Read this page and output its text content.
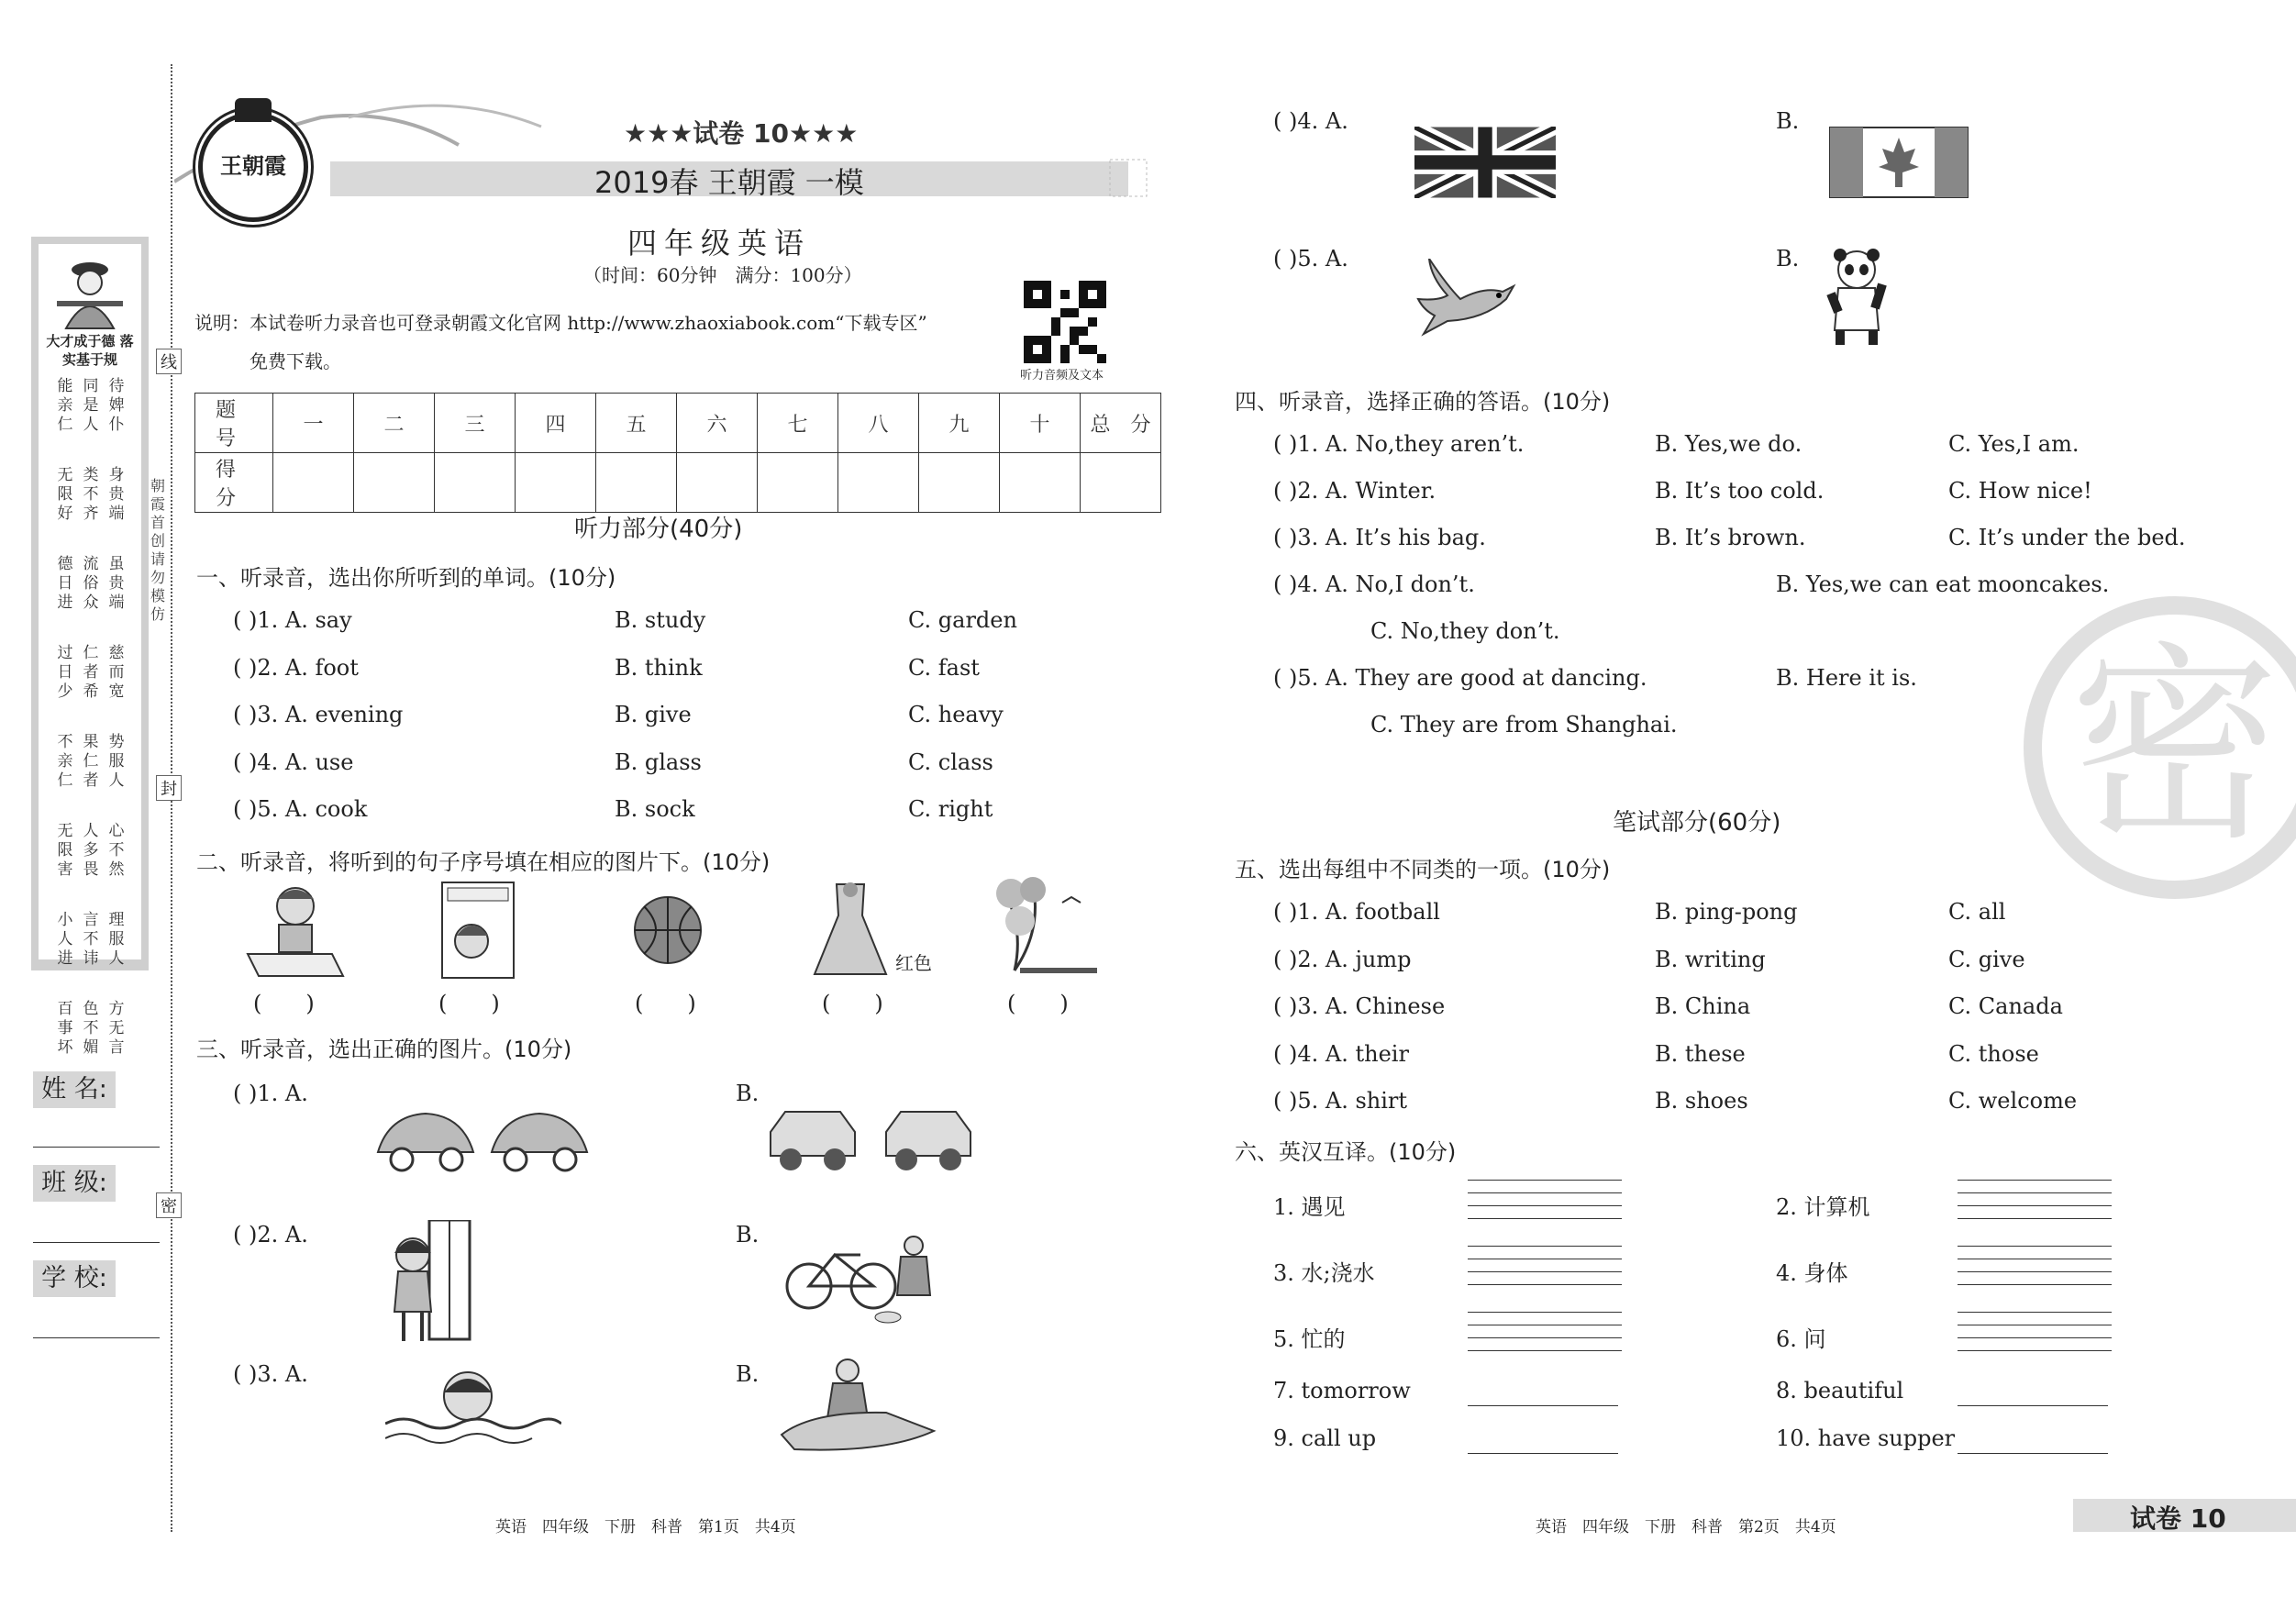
线
朝霞首创 请勿模仿
封
密
大才成于德 落实基于规
能亲仁
同是人
待婢仆
无限好
类不齐
身贵端
德日进
流俗众
虽贵端
过日少
仁者希
慈而宽
不亲仁
果仁者
势服人
无限害
人多畏
心不然
小人进
言不讳
理服人
百事坏
色不媚
方无言
姓 名:
班 级:
学 校:
王朝霞
★★★试卷 10★★★
2019春 王朝霞 一模
四年级英语
（时间：60分钟　满分：100分）
说明：本试卷听力录音也可登录朝霞文化官网 http://www.zhaoxiabook.com“下载专区”
免费下载。
听力音频及文本
题　号	一	二	三	四	五	六	七	八	九	十	总　分
得　分											
听力部分(40分)
一、听录音，选出你所听到的单词。(10分)
( )1. A. say	B. study	C. garden
( )2. A. foot	B. think	C. fast
( )3. A. evening	B. give	C. heavy
( )4. A. use	B. glass	C. class
( )5. A. cook	B. sock	C. right
二、听录音，将听到的句子序号填在相应的图片下。(10分)
红色
(　　)	(　　)	(　　)	(　　)	(　　)
三、听录音，选出正确的图片。(10分)
( )1. A.
( )2. A.
( )3. A.
B.
B.
B.
( )4. A.
( )5. A.
B.
B.
四、听录音，选择正确的答语。(10分)
( )1. A. No,they aren’t.	B. Yes,we do.	C. Yes,I am.
( )2. A. Winter.	B. It’s too cold.	C. How nice!
( )3. A. It’s his bag.	B. It’s brown.	C. It’s under the bed.
( )4. A. No,I don’t.	B. Yes,we can eat mooncakes.
C. No,they don’t.
( )5. A. They are good at dancing.	B. Here it is.
C. They are from Shanghai. 密
笔试部分(60分)
五、选出每组中不同类的一项。(10分)
( )1. A. football	B. ping-pong	C. all
( )2. A. jump	B. writing	C. give
( )3. A. Chinese	B. China	C. Canada
( )4. A. their	B. these	C. those
( )5. A. shirt	B. shoes	C. welcome
六、英汉互译。(10分)
1. 遇见	2. 计算机
3. 水;浇水	4. 身体
5. 忙的	6. 问
7. tomorrow	8. beautiful
9. call up	10. have supper
英语　四年级　下册　科普　第1页　共4页	英语　四年级　下册　科普　第2页　共4页	试卷 10
